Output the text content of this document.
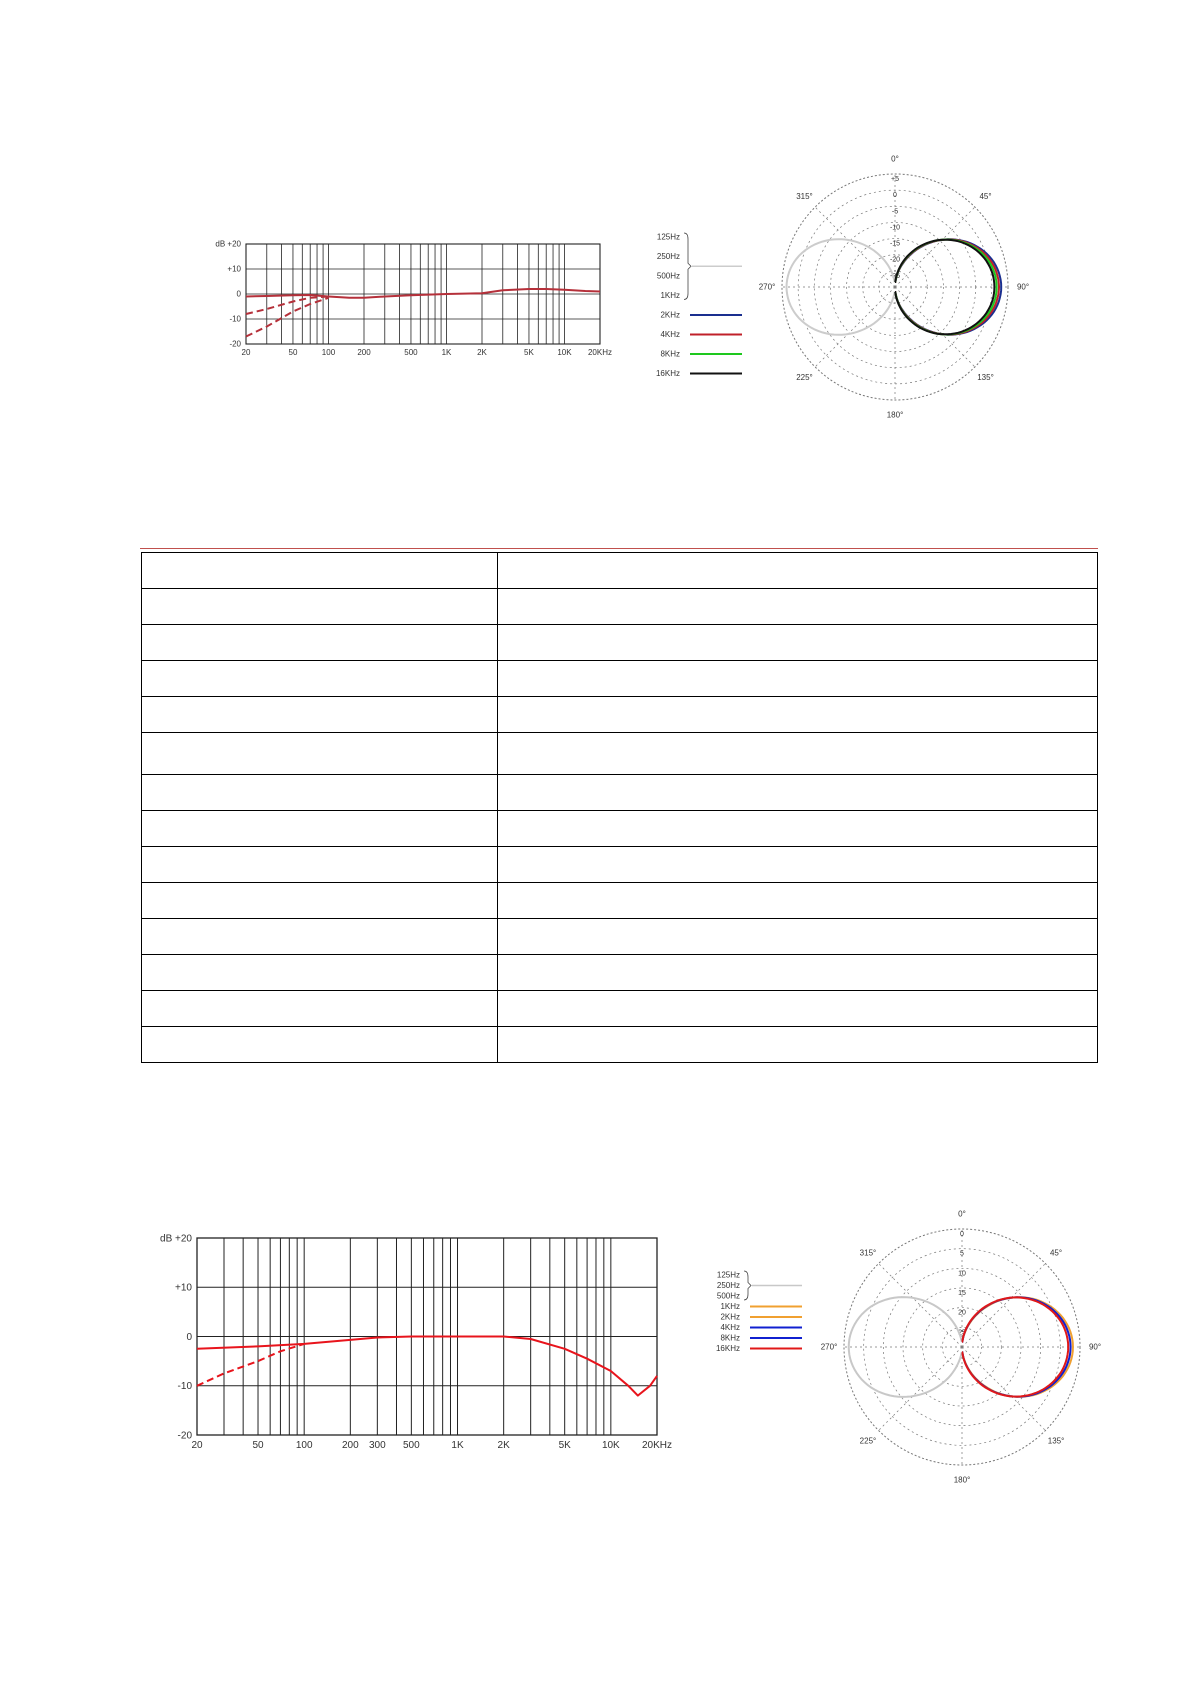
20	50	100	200	500	1K	2K	5K	10K 20KHz
dB +20
+10
0
-10
-20
0°
45°
90°
135°
180°
225°
270°
315°
+5
0
-5
-10
-15
-20
-25
125Hz
250Hz
500Hz
1KHz
2KHz
4KHz
8KHz
16KHz

20	50	100	200 300 500	1K	2K	5K	10K 20KHz
dB +20
+10
0
-10
-20
0°
45°
90°
135°
180°
225°
270°
315°
0
5
10
15
20
25
125Hz
250Hz
500Hz
1KHz
2KHz
4KHz
8KHz
16KHz
